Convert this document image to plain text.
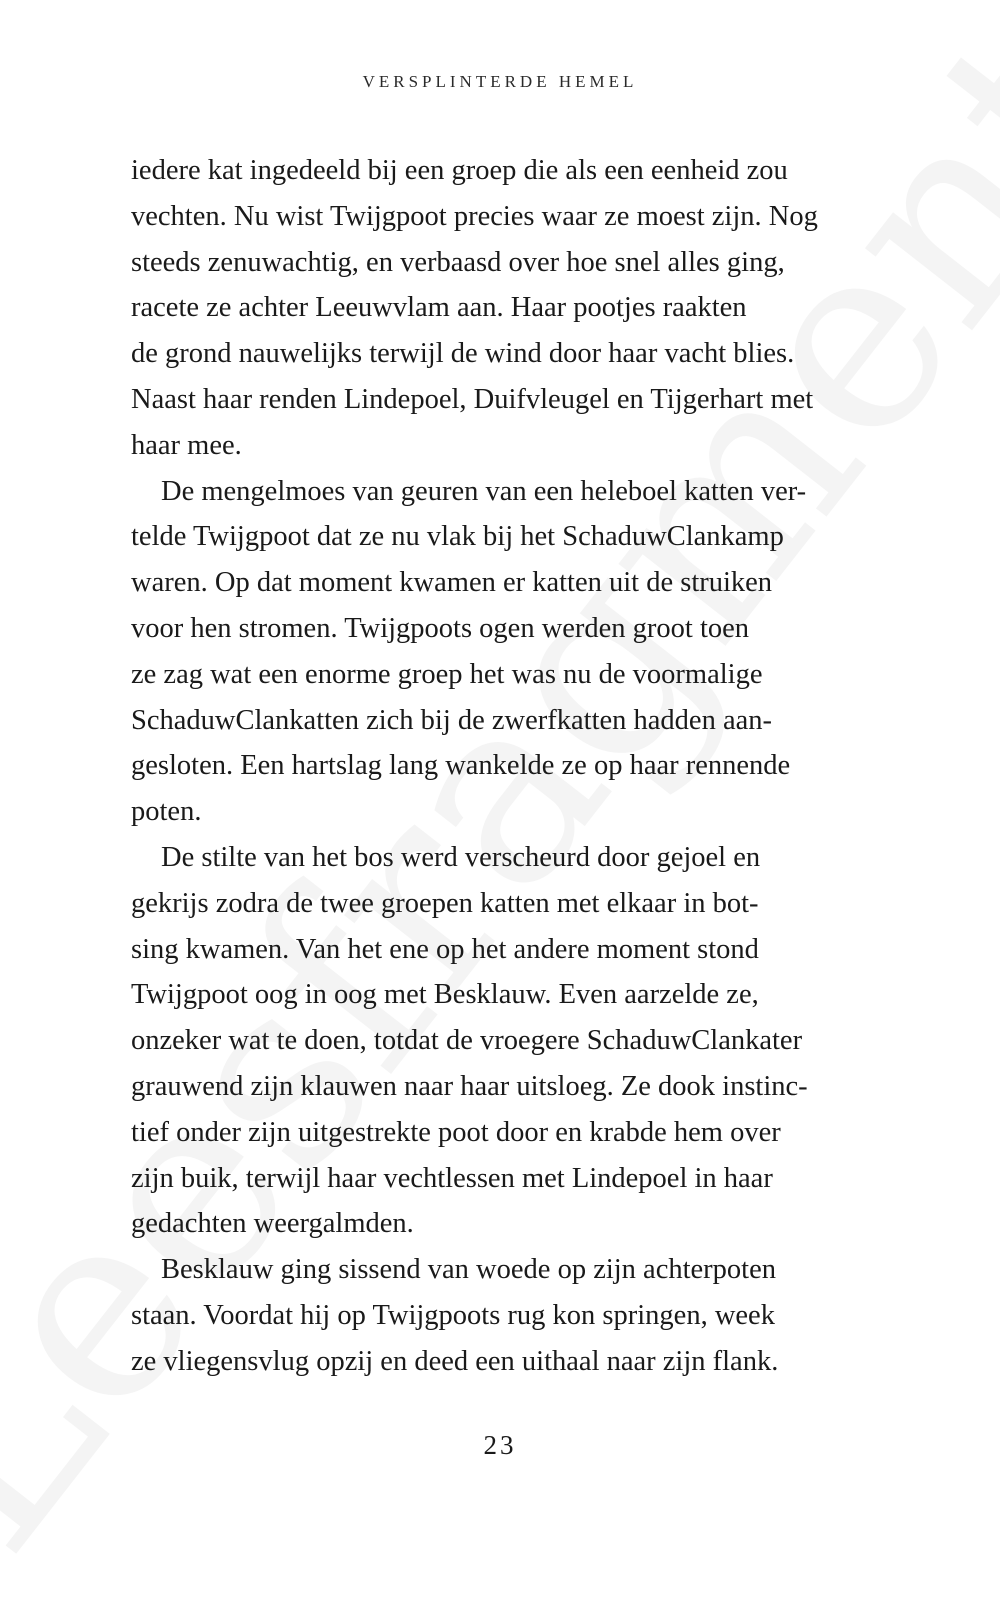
VERSPLINTERDE HEMEL
iedere kat ingedeeld bij een groep die als een eenheid zou
vechten. Nu wist Twijgpoot precies waar ze moest zijn. Nog
steeds zenuwachtig, en verbaasd over hoe snel alles ging,
racete ze achter Leeuwvlam aan. Haar pootjes raakten
de grond nauwelijks terwijl de wind door haar vacht blies.
Naast haar renden Lindepoel, Duifvleugel en Tijgerhart met
haar mee.
De mengelmoes van geuren van een heleboel katten ver-
telde Twijgpoot dat ze nu vlak bij het SchaduwClankamp
waren. Op dat moment kwamen er katten uit de struiken
voor hen stromen. Twijgpoots ogen werden groot toen
ze zag wat een enorme groep het was nu de voormalige
SchaduwClankatten zich bij de zwerfkatten hadden aan-
gesloten. Een hartslag lang wankelde ze op haar rennende
poten.
De stilte van het bos werd verscheurd door gejoel en
gekrijs zodra de twee groepen katten met elkaar in bot-
sing kwamen. Van het ene op het andere moment stond
Twijgpoot oog in oog met Besklauw. Even aarzelde ze,
onzeker wat te doen, totdat de vroegere SchaduwClankater
grauwend zijn klauwen naar haar uitsloeg. Ze dook instinc-
tief onder zijn uitgestrekte poot door en krabde hem over
zijn buik, terwijl haar vechtlessen met Lindepoel in haar
gedachten weergalmden.
Besklauw ging sissend van woede op zijn achterpoten
staan. Voordat hij op Twijgpoots rug kon springen, week
ze vliegensvlug opzij en deed een uithaal naar zijn flank.
23
